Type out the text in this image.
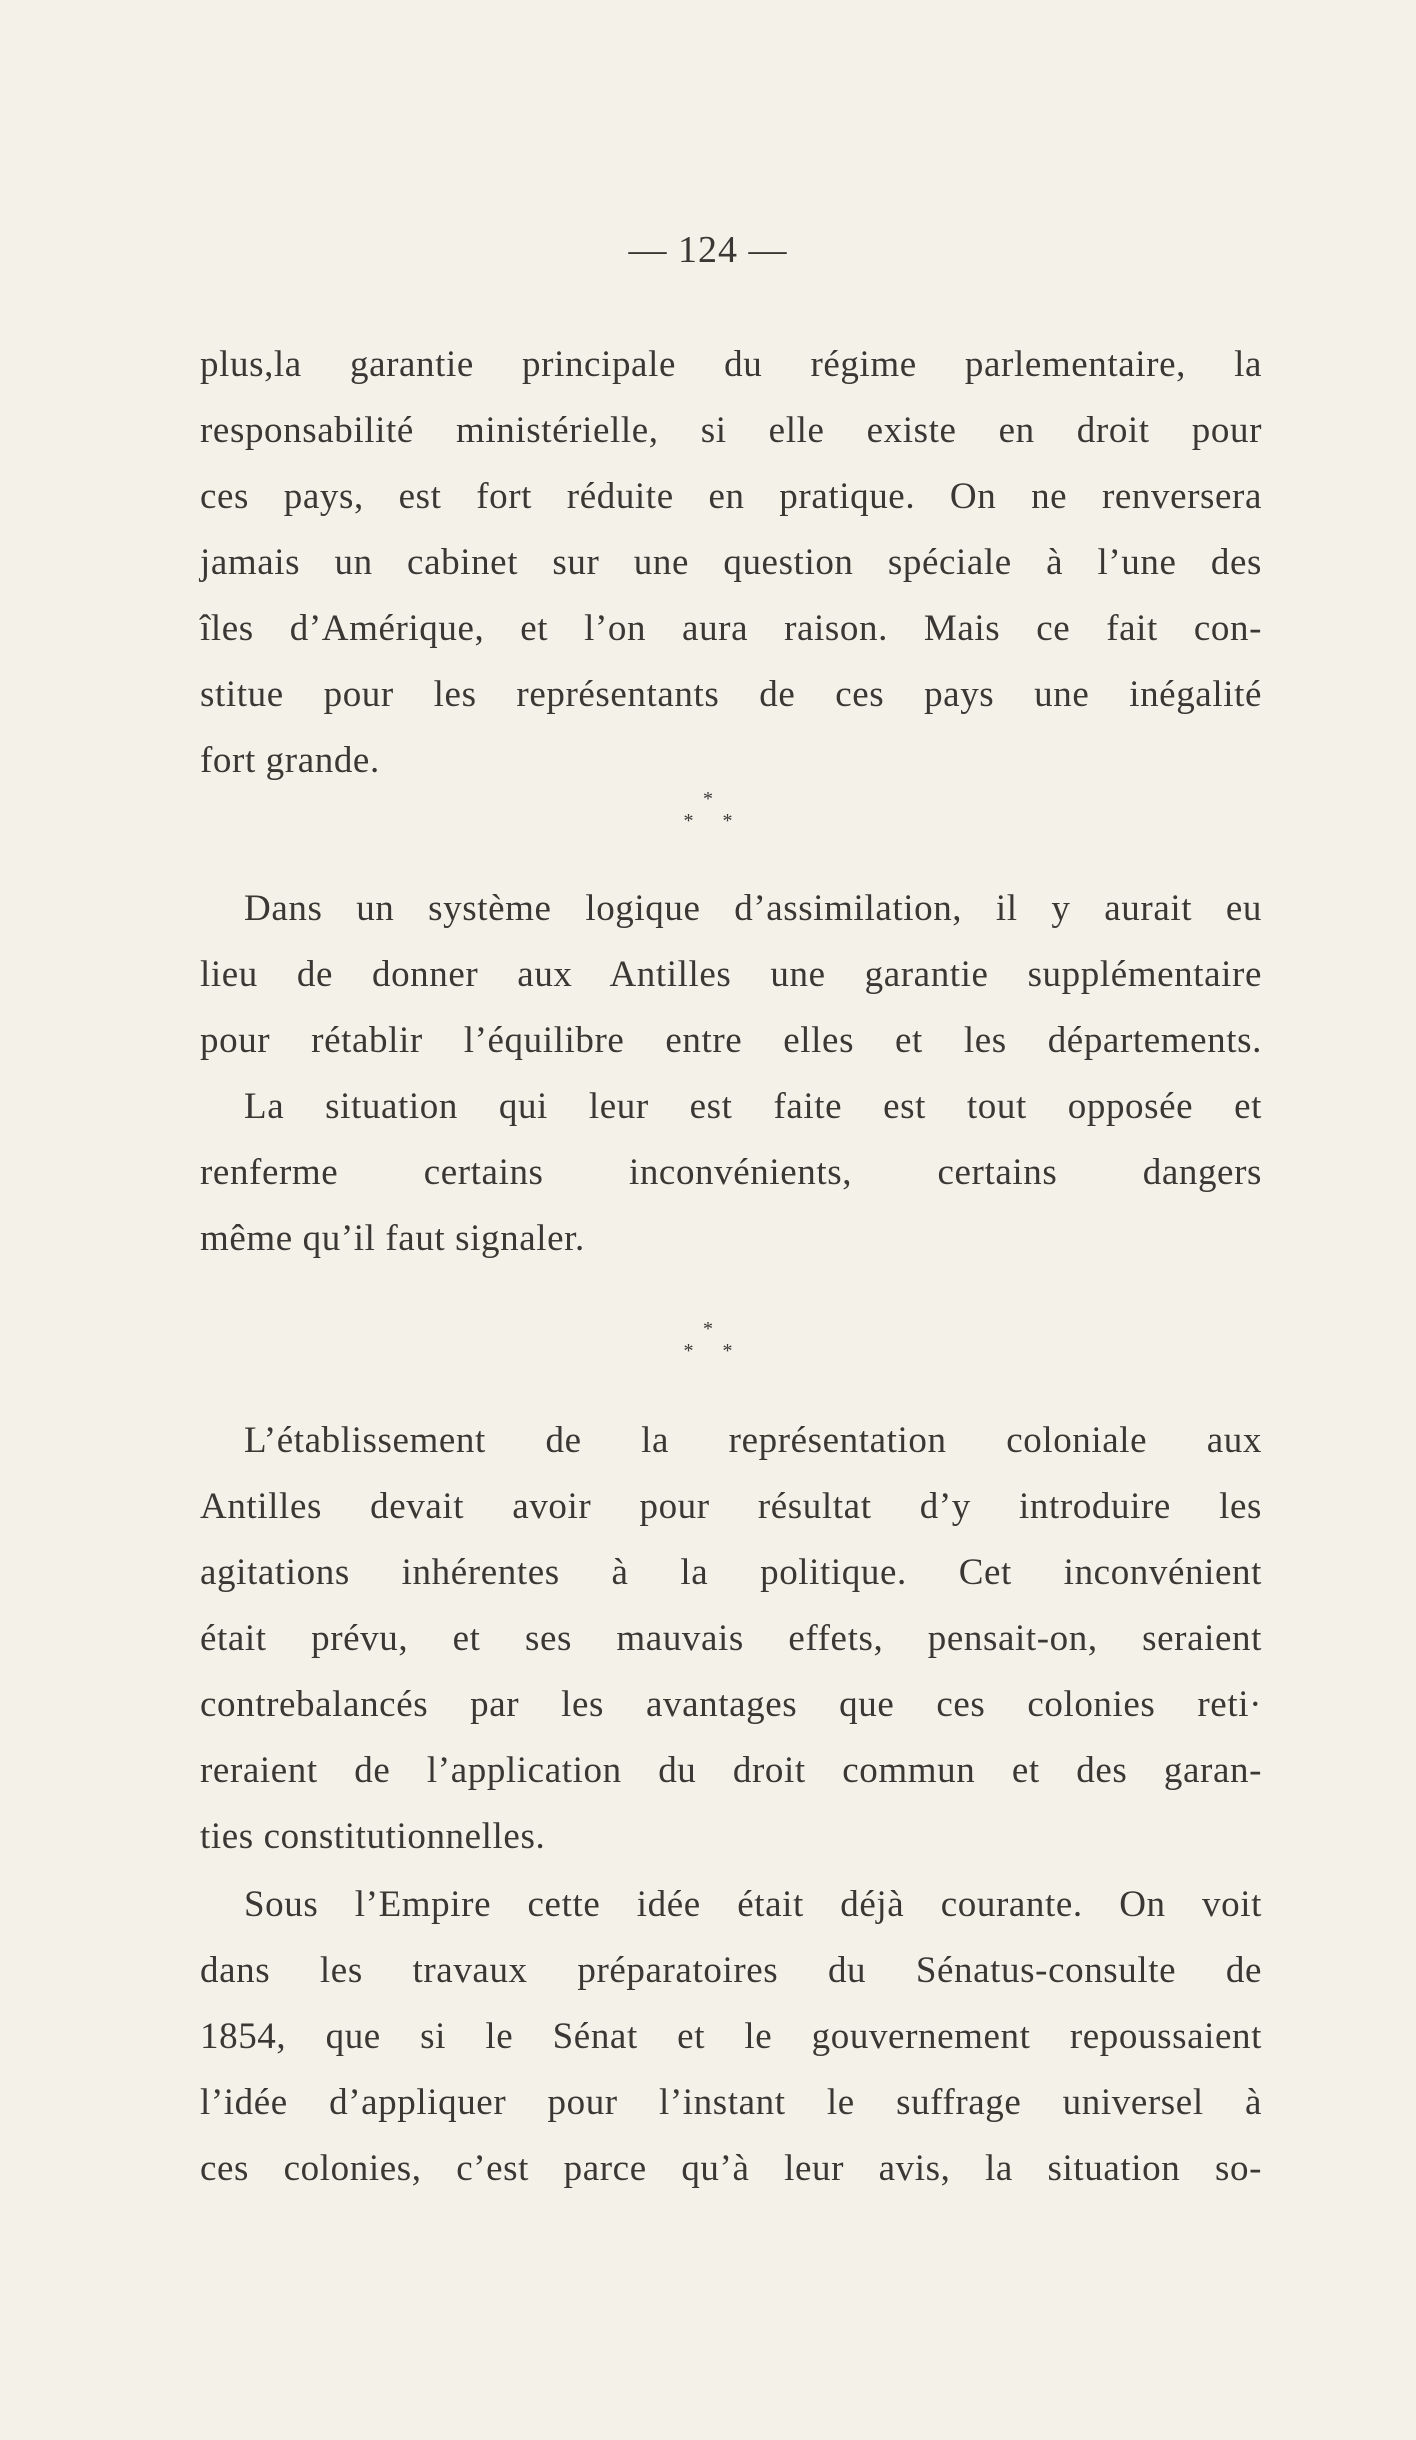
— 124 —
plus,la garantie principale du régime parlementaire, la
responsabilité ministérielle, si elle existe en droit pour
ces pays, est fort réduite en pratique. On ne renversera
jamais un cabinet sur une question spéciale à l’une des
îles d’Amérique, et l’on aura raison. Mais ce fait con-
stitue pour les représentants de ces pays une inégalité
fort grande.
*
* *
Dans un système logique d’assimilation, il y aurait eu
lieu de donner aux Antilles une garantie supplémentaire
pour rétablir l’équilibre entre elles et les départements.
La situation qui leur est faite est tout opposée et
renferme certains inconvénients, certains dangers
même qu’il faut signaler.
*
* *
L’établissement de la représentation coloniale aux
Antilles devait avoir pour résultat d’y introduire les
agitations inhérentes à la politique. Cet inconvénient
était prévu, et ses mauvais effets, pensait-on, seraient
contrebalancés par les avantages que ces colonies reti·
reraient de l’application du droit commun et des garan-
ties constitutionnelles.
Sous l’Empire cette idée était déjà courante. On voit
dans les travaux préparatoires du Sénatus-consulte de
1854, que si le Sénat et le gouvernement repoussaient
l’idée d’appliquer pour l’instant le suffrage universel à
ces colonies, c’est parce qu’à leur avis, la situation so-
